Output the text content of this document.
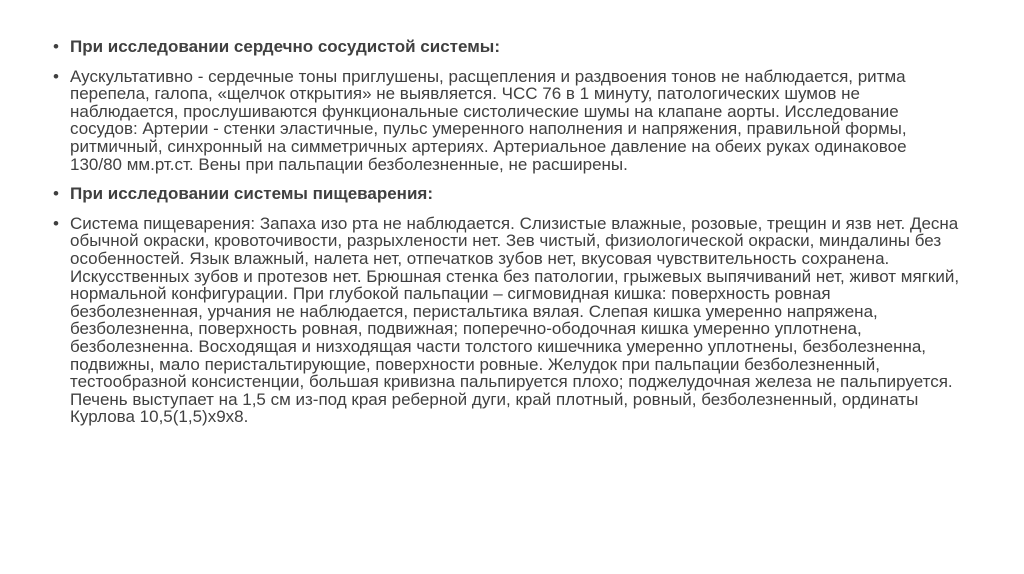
• При исследовании сердечно сосудистой системы:
• Аускультативно - сердечные тоны приглушены, расщепления и раздвоения тонов не наблюдается, ритма перепела, галопа, «щелчок открытия» не выявляется. ЧСС 76 в 1 минуту, патологических шумов не наблюдается, прослушиваются функциональные систолические шумы на клапане аорты. Исследование сосудов: Артерии - стенки эластичные, пульс умеренного наполнения и напряжения, правильной формы, ритмичный, синхронный на симметричных артериях. Артериальное давление на обеих руках одинаковое 130/80 мм.рт.ст. Вены при пальпации безболезненные, не расширены.
• При исследовании системы пищеварения:
• Система пищеварения: Запаха изо рта не наблюдается. Слизистые влажные, розовые, трещин и язв нет. Десна обычной окраски, кровоточивости, разрыхлености нет. Зев чистый, физиологической окраски, миндалины без особенностей. Язык влажный, налета нет, отпечатков зубов нет, вкусовая чувствительность сохранена. Искусственных зубов и протезов нет. Брюшная стенка без патологии, грыжевых выпячиваний нет, живот мягкий, нормальной конфигурации. При глубокой пальпации – сигмовидная кишка: поверхность ровная безболезненная, урчания не наблюдается, перистальтика вялая. Слепая кишка умеренно напряжена, безболезненна, поверхность ровная, подвижная; поперечно-ободочная кишка умеренно уплотнена, безболезненна. Восходящая и низходящая части толстого кишечника умеренно уплотнены, безболезненна, подвижны, мало перистальтирующие, поверхности ровные. Желудок при пальпации безболезненный, тестообразной консистенции, большая кривизна пальпируется плохо; поджелудочная железа не пальпируется. Печень выступает на 1,5 см из-под края реберной дуги, край плотный, ровный, безболезненный, ординаты Курлова 10,5(1,5)х9х8.
